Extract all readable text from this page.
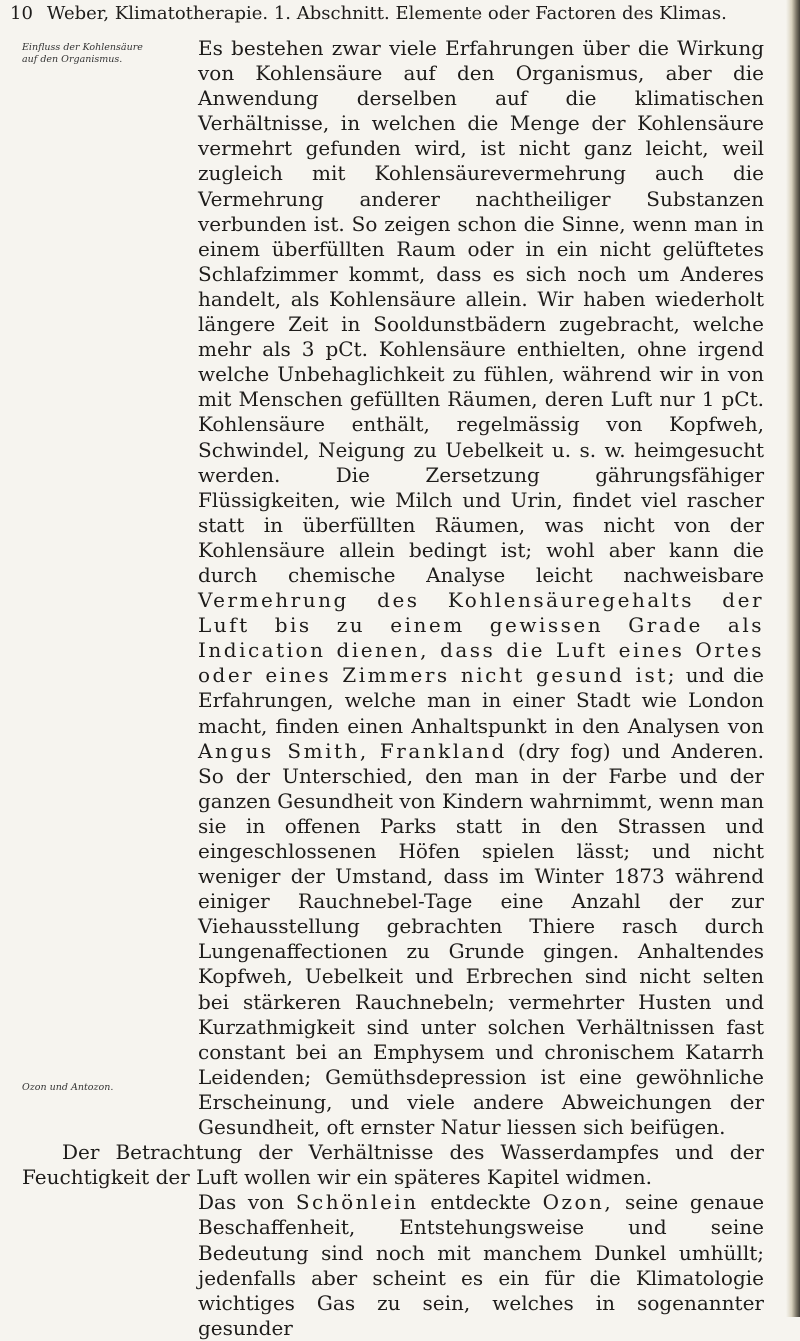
10 Weber, Klimatotherapie. 1. Abschnitt. Elemente oder Factoren des Klimas.
Einfluss der Kohlensäure auf den Organismus.
Ozon und Antozon.

Es bestehen zwar viele Erfahrungen über die Wirkung von Kohlensäure auf den Organismus, aber die Anwendung derselben auf die klimatischen Verhältnisse, in welchen die Menge der Kohlensäure vermehrt gefunden wird, ist nicht ganz leicht, weil zugleich mit Kohlensäurevermehrung auch die Vermehrung anderer nachtheiliger Substanzen verbunden ist. So zeigen schon die Sinne, wenn man in einem überfüllten Raum oder in ein nicht gelüftetes Schlafzimmer kommt, dass es sich noch um Anderes handelt, als Kohlensäure allein. Wir haben wiederholt längere Zeit in Sooldunstbädern zugebracht, welche mehr als 3 pCt. Kohlensäure enthielten, ohne irgend welche Unbehaglichkeit zu fühlen, während wir in von mit Menschen gefüllten Räumen, deren Luft nur 1 pCt. Kohlensäure enthält, regelmässig von Kopfweh, Schwindel, Neigung zu Uebelkeit u. s. w. heimgesucht werden. Die Zersetzung gährungsfähiger Flüssigkeiten, wie Milch und Urin, findet viel rascher statt in überfüllten Räumen, was nicht von der Kohlensäure allein bedingt ist; wohl aber kann die durch chemische Analyse leicht nachweisbare Vermehrung des Kohlensäuregehalts der Luft bis zu einem gewissen Grade als Indication dienen, dass die Luft eines Ortes oder eines Zimmers nicht gesund ist; und die Erfahrungen, welche man in einer Stadt wie London macht, finden einen Anhaltspunkt in den Analysen von Angus Smith, Frankland (dry fog) und Anderen. So der Unterschied, den man in der Farbe und der ganzen Gesundheit von Kindern wahrnimmt, wenn man sie in offenen Parks statt in den Strassen und eingeschlossenen Höfen spielen lässt; und nicht weniger der Umstand, dass im Winter 1873 während einiger Rauchnebel-Tage eine Anzahl der zur Viehausstellung gebrachten Thiere rasch durch Lungenaffectionen zu Grunde gingen. Anhaltendes Kopfweh, Uebelkeit und Erbrechen sind nicht selten bei stärkeren Rauchnebeln; vermehrter Husten und Kurzathmigkeit sind unter solchen Verhältnissen fast constant bei an Emphysem und chronischem Katarrh Leidenden; Gemüthsdepression ist eine gewöhnliche Erscheinung, und viele andere Abweichungen der Gesundheit, oft ernster Natur liessen sich beifügen.

Der Betrachtung der Verhältnisse des Wasserdampfes und der Feuchtigkeit der Luft wollen wir ein späteres Kapitel widmen.

Das von Schönlein entdeckte Ozon, seine genaue Beschaffenheit, Entstehungsweise und seine Bedeutung sind noch mit manchem Dunkel umhüllt; jedenfalls aber scheint es ein für die Klimatologie wichtiges Gas zu sein, welches in sogenannter gesunder
